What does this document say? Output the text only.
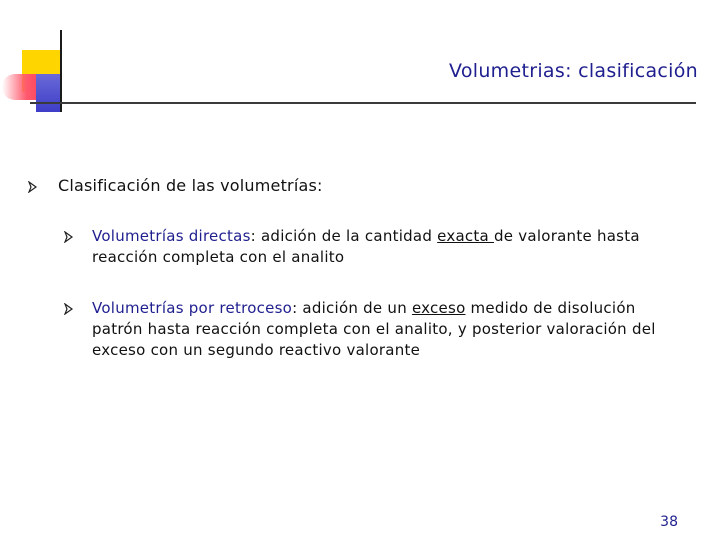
Volumetrias: clasificación
Clasificación de las volumetrías:
Volumetrías directas: adición de la cantidad exacta de valorante hasta reacción completa con el analito
Volumetrías por retroceso: adición de un exceso medido de disolución patrón hasta reacción completa con el analito, y posterior valoración del exceso con un segundo reactivo valorante
38
